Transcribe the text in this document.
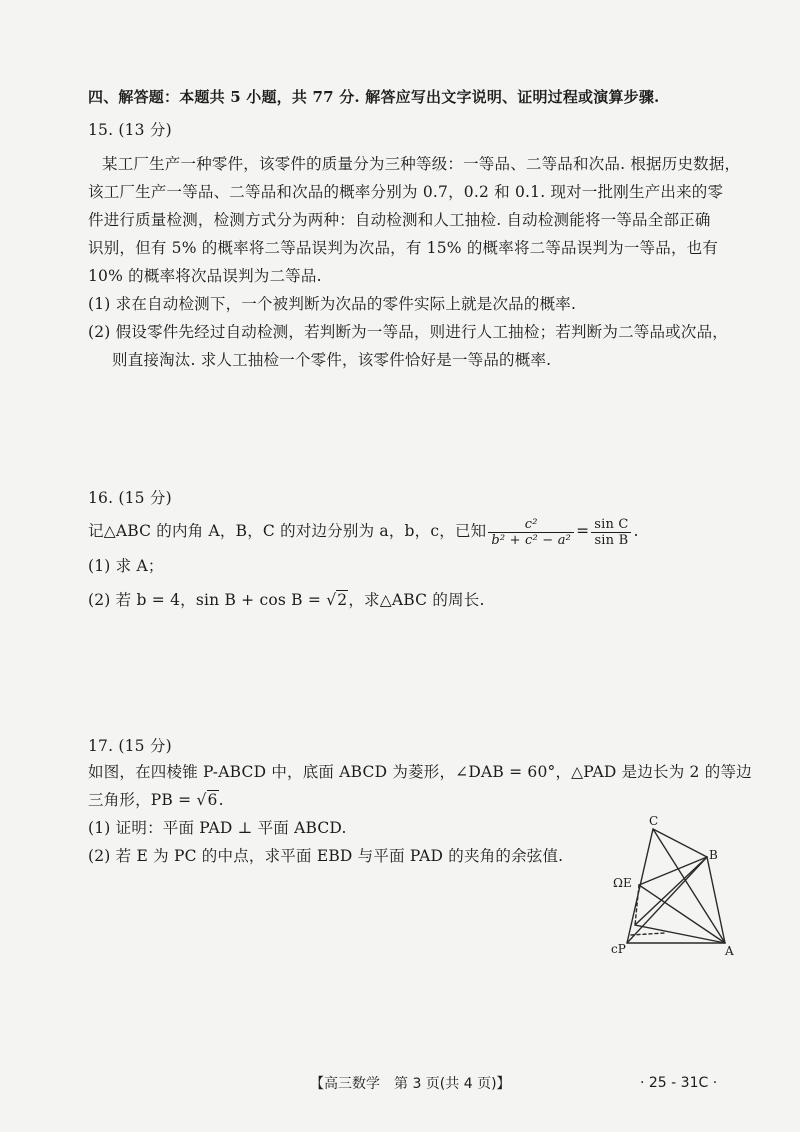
四、解答题：本题共 5 小题，共 77 分. 解答应写出文字说明、证明过程或演算步骤.
15. (13 分)
某工厂生产一种零件，该零件的质量分为三种等级：一等品、二等品和次品. 根据历史数据，
该工厂生产一等品、二等品和次品的概率分别为 0.7，0.2 和 0.1. 现对一批刚生产出来的零
件进行质量检测，检测方式分为两种：自动检测和人工抽检. 自动检测能将一等品全部正确
识别，但有 5% 的概率将二等品误判为次品，有 15% 的概率将二等品误判为一等品，也有
10% 的概率将次品误判为二等品.
(1) 求在自动检测下，一个被判断为次品的零件实际上就是次品的概率.
(2) 假设零件先经过自动检测，若判断为一等品，则进行人工抽检；若判断为二等品或次品，
则直接淘汰. 求人工抽检一个零件，该零件恰好是一等品的概率.
16. (15 分)
记△ABC 的内角 A，B，C 的对边分别为 a，b，c，已知 $\frac{\text{c²}}{\text{b² + c² − a²}} = \frac{\text{sin C}}{\text{sin B}}$ .
(1) 求 A；
(2) 若 b = 4，sin B + cos B = √2，求△ABC 的周长.
17. (15 分)
如图，在四棱锥 P-ABCD 中，底面 ABCD 为菱形，∠DAB = 60°，△PAD 是边长为 2 的等边
三角形，PB = √6.
(1) 证明：平面 PAD ⊥ 平面 ABCD.
(2) 若 E 为 PC 的中点，求平面 EBD 与平面 PAD 的夹角的余弦值.
C
B
ΩE
cP	A
【高三数学　第 3 页(共 4 页)】	· 25 - 31C ·
